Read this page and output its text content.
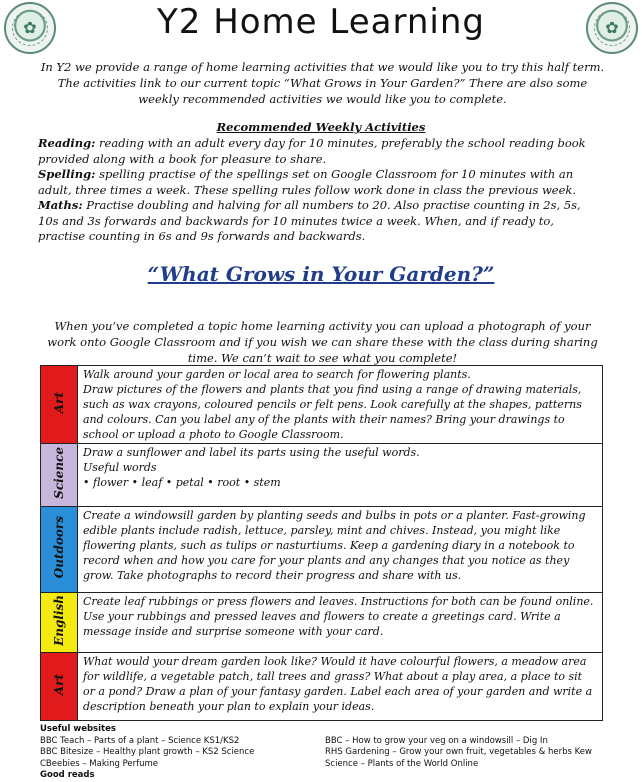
✿	✿
Y2 Home Learning

In Y2 we provide a range of home learning activities that we would like you to try this half term. The activities link to our current topic “What Grows in Your Garden?” There are also some weekly recommended activities we would like you to complete.

Recommended Weekly Activities

Reading: reading with an adult every day for 10 minutes, preferably the school reading book provided along with a book for pleasure to share.

Spelling: spelling practise of the spellings set on Google Classroom for 10 minutes with an adult, three times a week. These spelling rules follow work done in class the previous week.

Maths: Practise doubling and halving for all numbers to 20. Also practise counting in 2s, 5s, 10s and 3s forwards and backwards for 10 minutes twice a week. When, and if ready to, practise counting in 6s and 9s forwards and backwards.

“What Grows in Your Garden?”

When you’ve completed a topic home learning activity you can upload a photograph of your work onto Google Classroom and if you wish we can share these with the class during sharing time. We can’t wait to see what you complete!

Art	Walk around your garden or local area to search for flowering plants.
Draw pictures of the flowers and plants that you find using a range of drawing materials, such as wax crayons, coloured pencils or felt pens. Look carefully at the shapes, patterns and colours. Can you label any of the plants with their names? Bring your drawings to school or upload a photo to Google Classroom.

Science	Draw a sunflower and label its parts using the useful words.
Useful words
• flower • leaf • petal • root • stem

Outdoors	Create a windowsill garden by planting seeds and bulbs in pots or a planter. Fast-growing edible plants include radish, lettuce, parsley, mint and chives. Instead, you might like flowering plants, such as tulips or nasturtiums. Keep a gardening diary in a notebook to record when and how you care for your plants and any changes that you notice as they grow. Take photographs to record their progress and share with us.

English	Create leaf rubbings or press flowers and leaves. Instructions for both can be found online. Use your rubbings and pressed leaves and flowers to create a greetings card. Write a message inside and surprise someone with your card.

Art	What would your dream garden look like? Would it have colourful flowers, a meadow area for wildlife, a vegetable patch, tall trees and grass? What about a play area, a place to sit or a pond? Draw a plan of your fantasy garden. Label each area of your garden and write a description beneath your plan to explain your ideas.
Useful websites
BBC Teach – Parts of a plant – Science KS1/KS2
BBC Bitesize – Healthy plant growth – KS2 Science
CBeebies – Making Perfume
BBC – How to grow your veg on a windowsill – Dig In
RHS Gardening – Grow your own fruit, vegetables & herbs Kew
Science – Plants of the World Online
Good reads
